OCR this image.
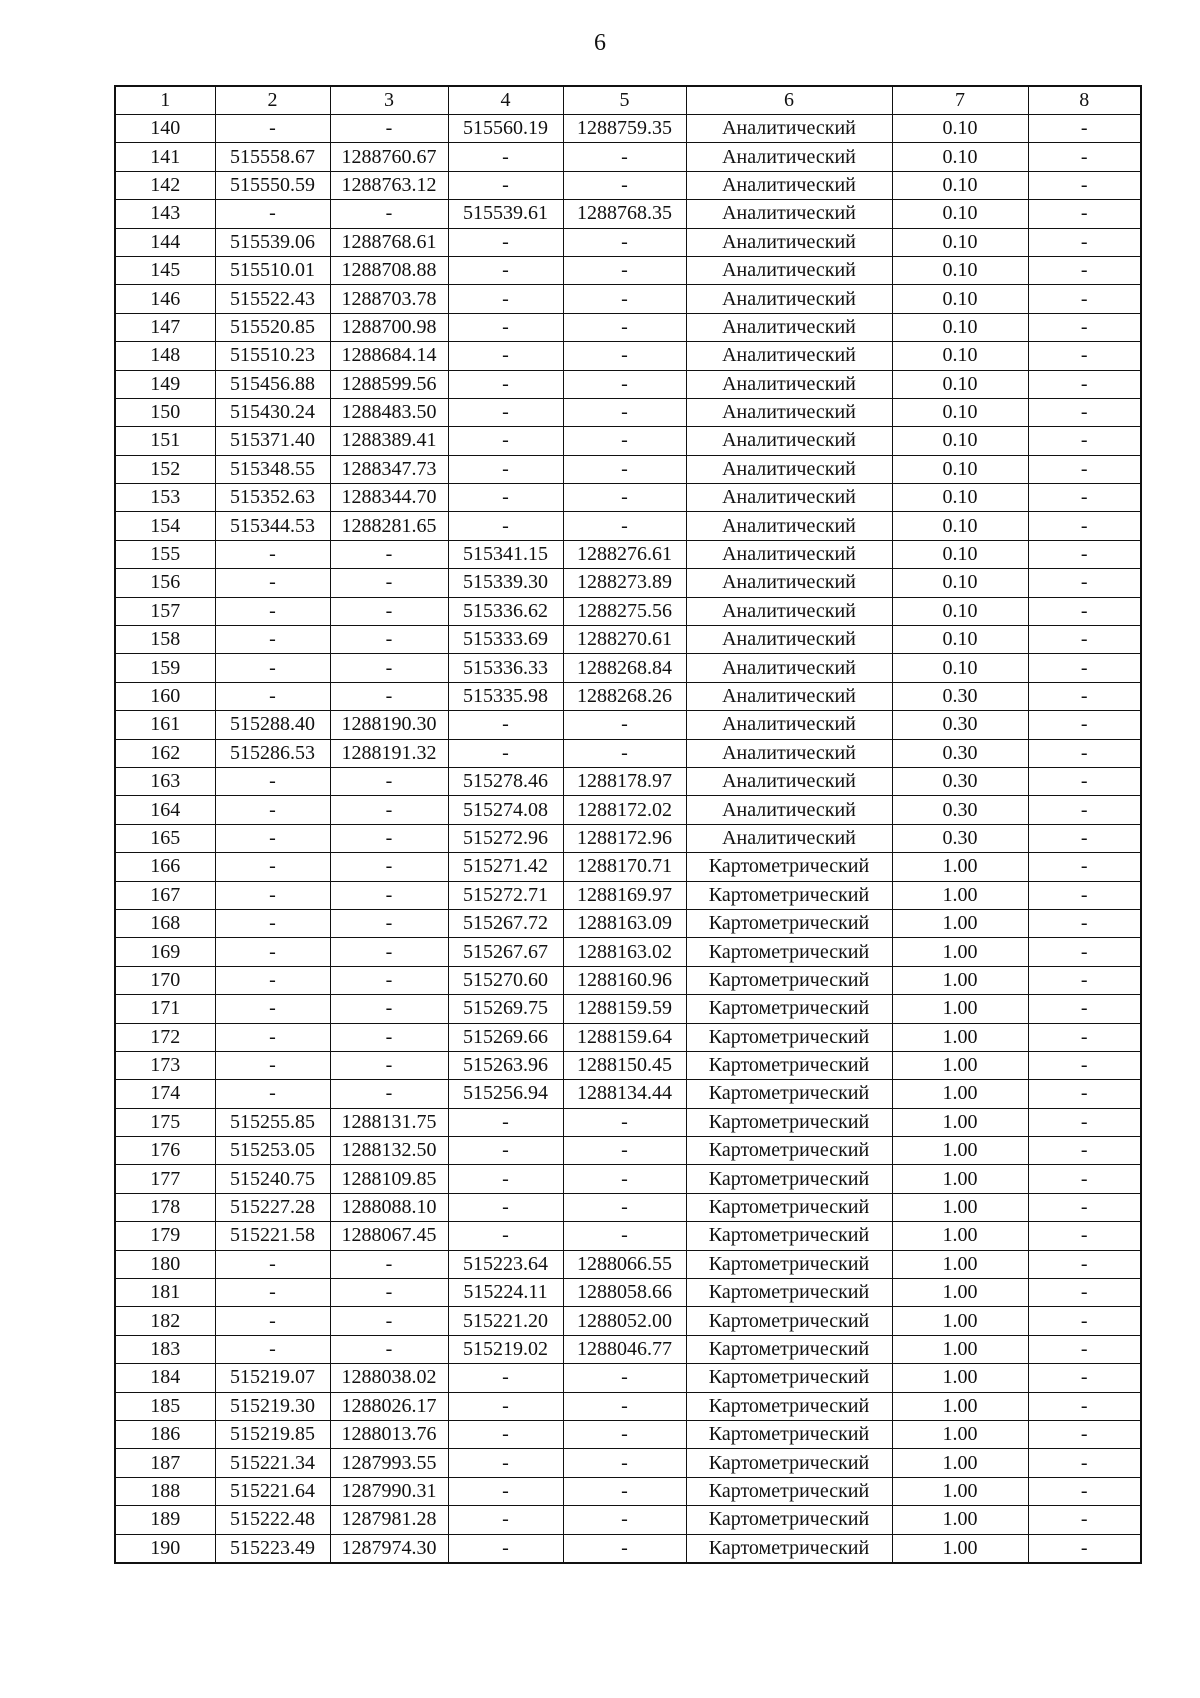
6
1	2	3	4	5	6	7	8
140	-	-	515560.19	1288759.35	Аналитический	0.10	-
141	515558.67	1288760.67	-	-	Аналитический	0.10	-
142	515550.59	1288763.12	-	-	Аналитический	0.10	-
143	-	-	515539.61	1288768.35	Аналитический	0.10	-
144	515539.06	1288768.61	-	-	Аналитический	0.10	-
145	515510.01	1288708.88	-	-	Аналитический	0.10	-
146	515522.43	1288703.78	-	-	Аналитический	0.10	-
147	515520.85	1288700.98	-	-	Аналитический	0.10	-
148	515510.23	1288684.14	-	-	Аналитический	0.10	-
149	515456.88	1288599.56	-	-	Аналитический	0.10	-
150	515430.24	1288483.50	-	-	Аналитический	0.10	-
151	515371.40	1288389.41	-	-	Аналитический	0.10	-
152	515348.55	1288347.73	-	-	Аналитический	0.10	-
153	515352.63	1288344.70	-	-	Аналитический	0.10	-
154	515344.53	1288281.65	-	-	Аналитический	0.10	-
155	-	-	515341.15	1288276.61	Аналитический	0.10	-
156	-	-	515339.30	1288273.89	Аналитический	0.10	-
157	-	-	515336.62	1288275.56	Аналитический	0.10	-
158	-	-	515333.69	1288270.61	Аналитический	0.10	-
159	-	-	515336.33	1288268.84	Аналитический	0.10	-
160	-	-	515335.98	1288268.26	Аналитический	0.30	-
161	515288.40	1288190.30	-	-	Аналитический	0.30	-
162	515286.53	1288191.32	-	-	Аналитический	0.30	-
163	-	-	515278.46	1288178.97	Аналитический	0.30	-
164	-	-	515274.08	1288172.02	Аналитический	0.30	-
165	-	-	515272.96	1288172.96	Аналитический	0.30	-
166	-	-	515271.42	1288170.71	Картометрический	1.00	-
167	-	-	515272.71	1288169.97	Картометрический	1.00	-
168	-	-	515267.72	1288163.09	Картометрический	1.00	-
169	-	-	515267.67	1288163.02	Картометрический	1.00	-
170	-	-	515270.60	1288160.96	Картометрический	1.00	-
171	-	-	515269.75	1288159.59	Картометрический	1.00	-
172	-	-	515269.66	1288159.64	Картометрический	1.00	-
173	-	-	515263.96	1288150.45	Картометрический	1.00	-
174	-	-	515256.94	1288134.44	Картометрический	1.00	-
175	515255.85	1288131.75	-	-	Картометрический	1.00	-
176	515253.05	1288132.50	-	-	Картометрический	1.00	-
177	515240.75	1288109.85	-	-	Картометрический	1.00	-
178	515227.28	1288088.10	-	-	Картометрический	1.00	-
179	515221.58	1288067.45	-	-	Картометрический	1.00	-
180	-	-	515223.64	1288066.55	Картометрический	1.00	-
181	-	-	515224.11	1288058.66	Картометрический	1.00	-
182	-	-	515221.20	1288052.00	Картометрический	1.00	-
183	-	-	515219.02	1288046.77	Картометрический	1.00	-
184	515219.07	1288038.02	-	-	Картометрический	1.00	-
185	515219.30	1288026.17	-	-	Картометрический	1.00	-
186	515219.85	1288013.76	-	-	Картометрический	1.00	-
187	515221.34	1287993.55	-	-	Картометрический	1.00	-
188	515221.64	1287990.31	-	-	Картометрический	1.00	-
189	515222.48	1287981.28	-	-	Картометрический	1.00	-
190	515223.49	1287974.30	-	-	Картометрический	1.00	-
